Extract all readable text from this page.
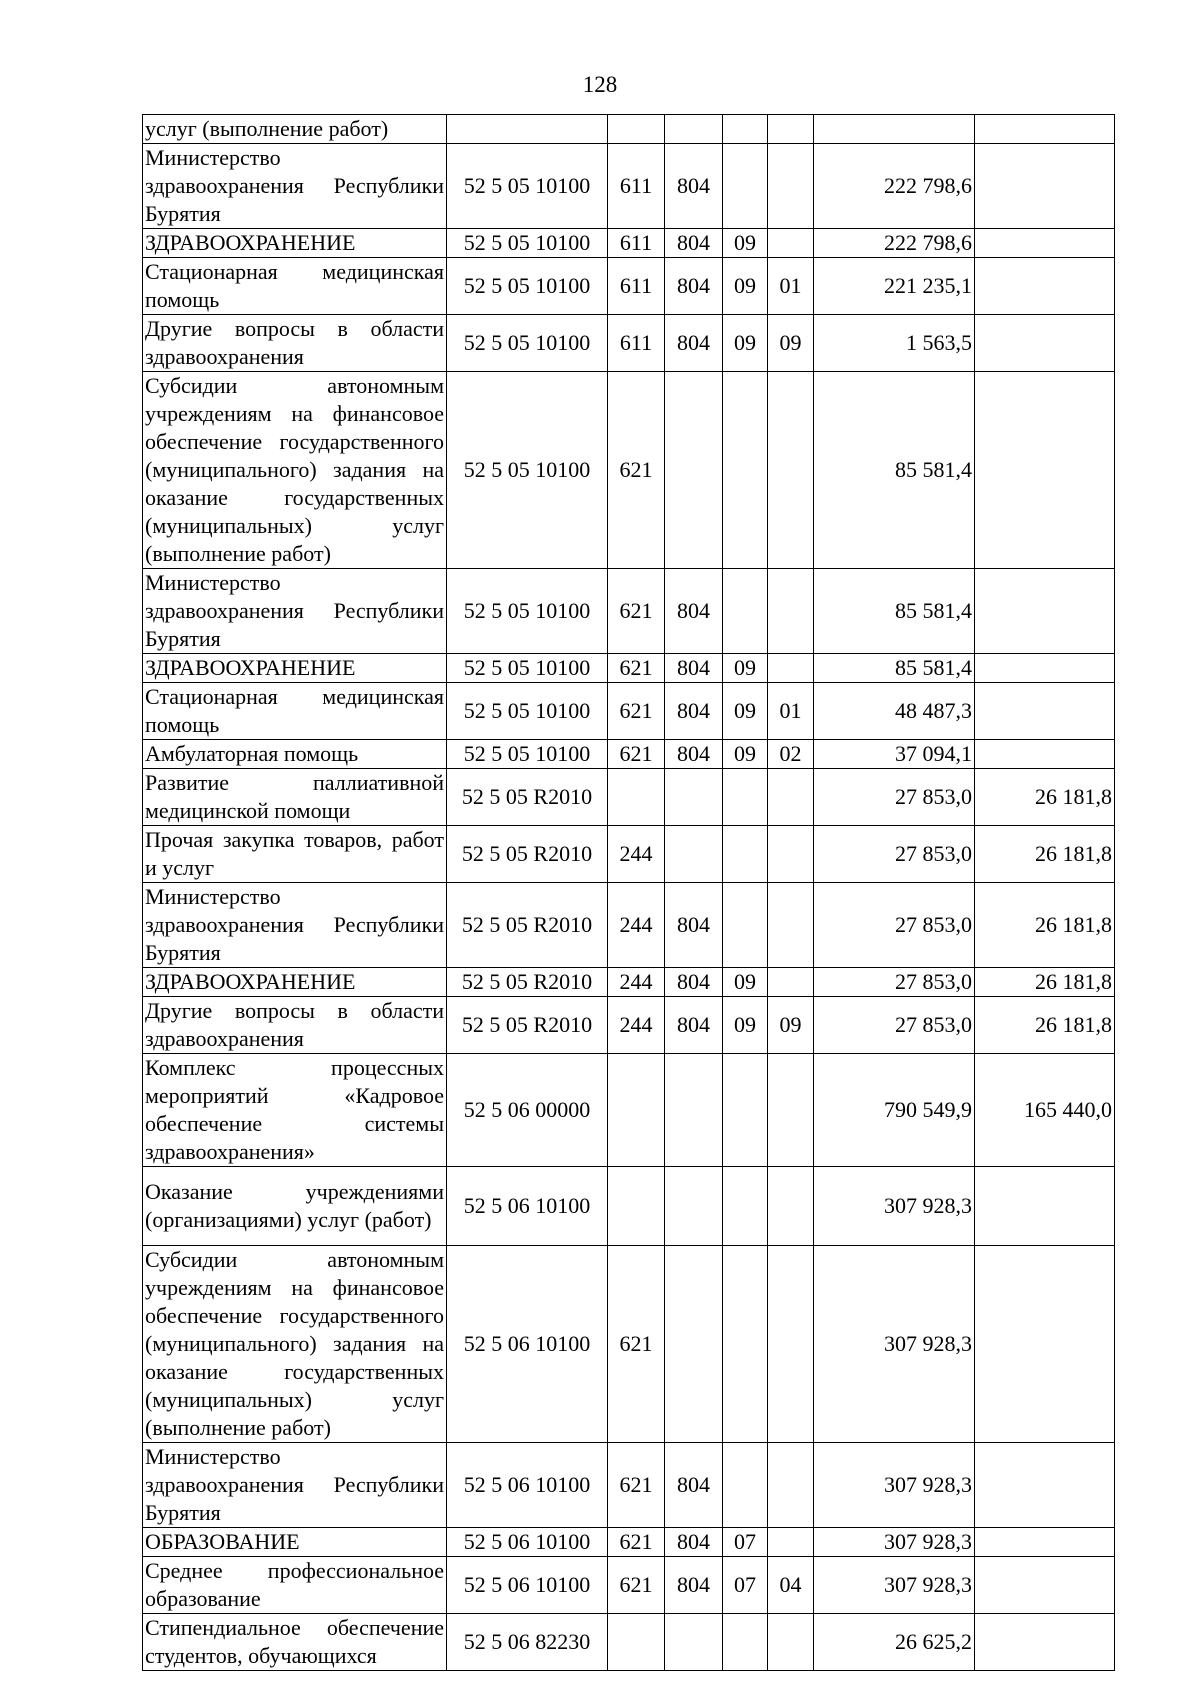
128
услуг (выполнение работ)							
Министерство здравоохранения Республики Бурятия	52 5 05 10100	611	804			222 798,6	
ЗДРАВООХРАНЕНИЕ	52 5 05 10100	611	804	09		222 798,6	
Стационарная медицинская помощь	52 5 05 10100	611	804	09	01	221 235,1	
Другие вопросы в области здравоохранения	52 5 05 10100	611	804	09	09	1 563,5	
Субсидии автономным учреждениям на финансовое обеспечение государственного (муниципального) задания на оказание государственных (муниципальных) услуг (выполнение работ)	52 5 05 10100	621				85 581,4	
Министерство здравоохранения Республики Бурятия	52 5 05 10100	621	804			85 581,4	
ЗДРАВООХРАНЕНИЕ	52 5 05 10100	621	804	09		85 581,4	
Стационарная медицинская помощь	52 5 05 10100	621	804	09	01	48 487,3	
Амбулаторная помощь	52 5 05 10100	621	804	09	02	37 094,1	
Развитие паллиативной медицинской помощи	52 5 05 R2010					27 853,0	26 181,8
Прочая закупка товаров, работ и услуг	52 5 05 R2010	244				27 853,0	26 181,8
Министерство здравоохранения Республики Бурятия	52 5 05 R2010	244	804			27 853,0	26 181,8
ЗДРАВООХРАНЕНИЕ	52 5 05 R2010	244	804	09		27 853,0	26 181,8
Другие вопросы в области здравоохранения	52 5 05 R2010	244	804	09	09	27 853,0	26 181,8
Комплекс процессных мероприятий «Кадровое обеспечение системы здравоохранения»	52 5 06 00000					790 549,9	165 440,0
Оказание учреждениями (организациями) услуг (работ)	52 5 06 10100					307 928,3	
Субсидии автономным учреждениям на финансовое обеспечение государственного (муниципального) задания на оказание государственных (муниципальных) услуг (выполнение работ)	52 5 06 10100	621				307 928,3	
Министерство здравоохранения Республики Бурятия	52 5 06 10100	621	804			307 928,3	
ОБРАЗОВАНИЕ	52 5 06 10100	621	804	07		307 928,3	
Среднее профессиональное образование	52 5 06 10100	621	804	07	04	307 928,3	
Стипендиальное обеспечение студентов, обучающихся	52 5 06 82230					26 625,2	
